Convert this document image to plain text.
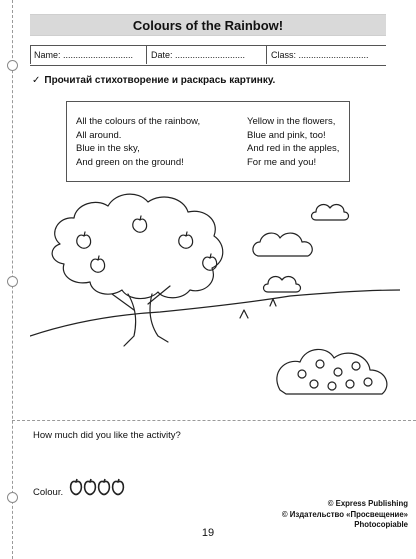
Colours of the Rainbow!
Name: ............................ Date: ............................	Class: ............................
✓ Прочитай стихотворение и раскрась картинку.
All the colours of the rainbow,
All around.
Blue in the sky,
And green on the ground!
Yellow in the flowers,
Blue and pink, too!
And red in the apples,
For me and you!
How much did you like the activity?
Colour.
© Express Publishing
© Издательство «Просвещение»
Photocopiable
19
